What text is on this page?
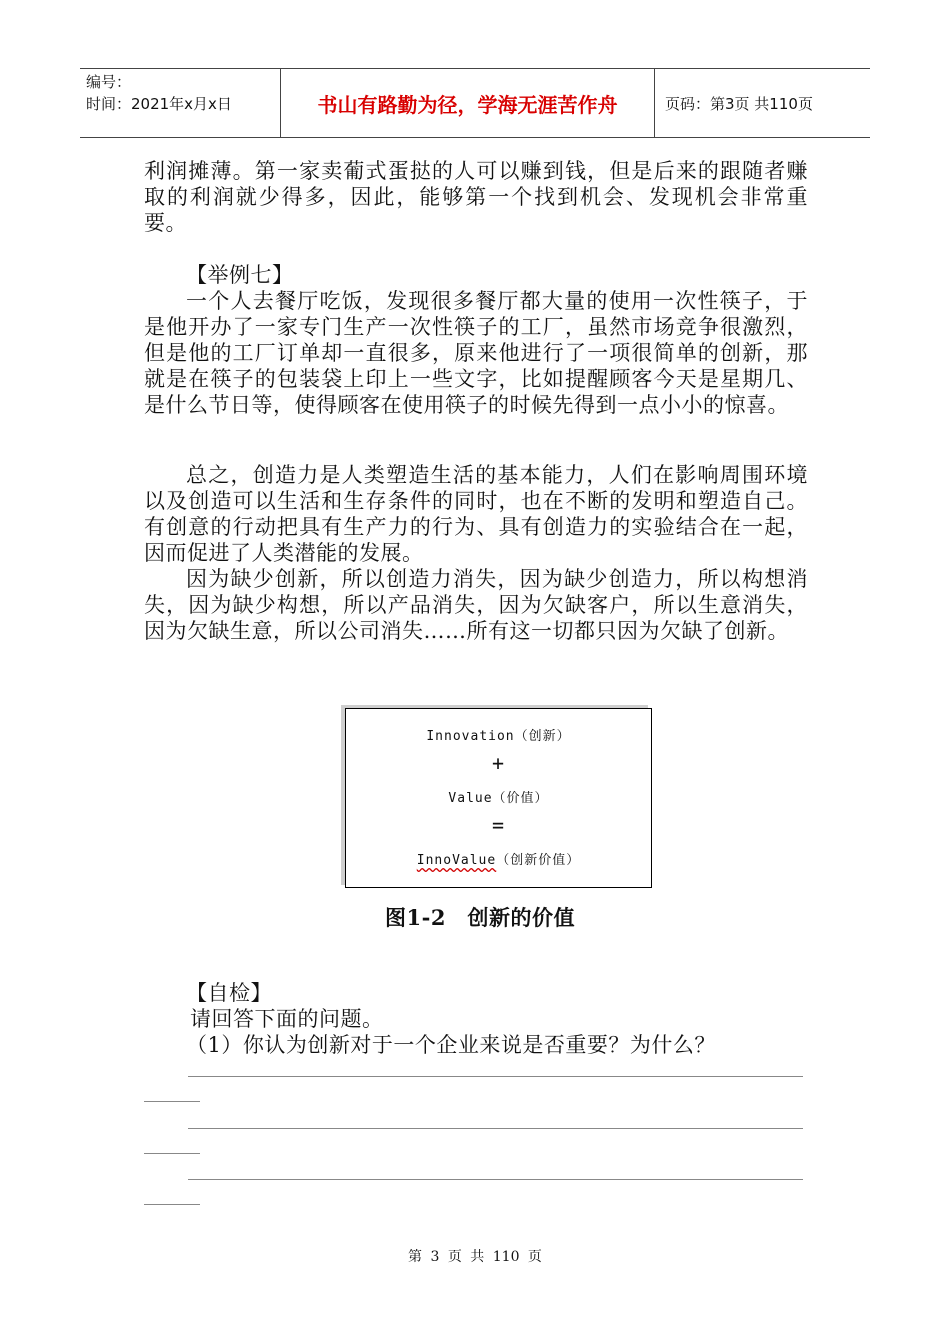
编号：
时间：2021年x月x日	书山有路勤为径，学海无涯苦作舟	页码：第3页 共110页

利润摊薄。第一家卖葡式蛋挞的人可以赚到钱，但是后来的跟随者赚取的利润就少得多，因此，能够第一个找到机会、发现机会非常重要。

【举例七】

一个人去餐厅吃饭，发现很多餐厅都大量的使用一次性筷子，于是他开办了一家专门生产一次性筷子的工厂，虽然市场竞争很激烈，但是他的工厂订单却一直很多，原来他进行了一项很简单的创新，那就是在筷子的包装袋上印上一些文字，比如提醒顾客今天是星期几、是什么节日等，使得顾客在使用筷子的时候先得到一点小小的惊喜。

总之，创造力是人类塑造生活的基本能力，人们在影响周围环境以及创造可以生活和生存条件的同时，也在不断的发明和塑造自己。有创意的行动把具有生产力的行为、具有创造力的实验结合在一起，因而促进了人类潜能的发展。

因为缺少创新，所以创造力消失，因为缺少创造力，所以构想消失，因为缺少构想，所以产品消失，因为欠缺客户，所以生意消失，因为欠缺生意，所以公司消失……所有这一切都只因为欠缺了创新。

Innovation（创新）
+
Value（价值）
=
InnoValue（创新价值）
图1-2　创新的价值

【自检】

请回答下面的问题。

（1）你认为创新对于一个企业来说是否重要？为什么？

第 3 页 共 110 页
